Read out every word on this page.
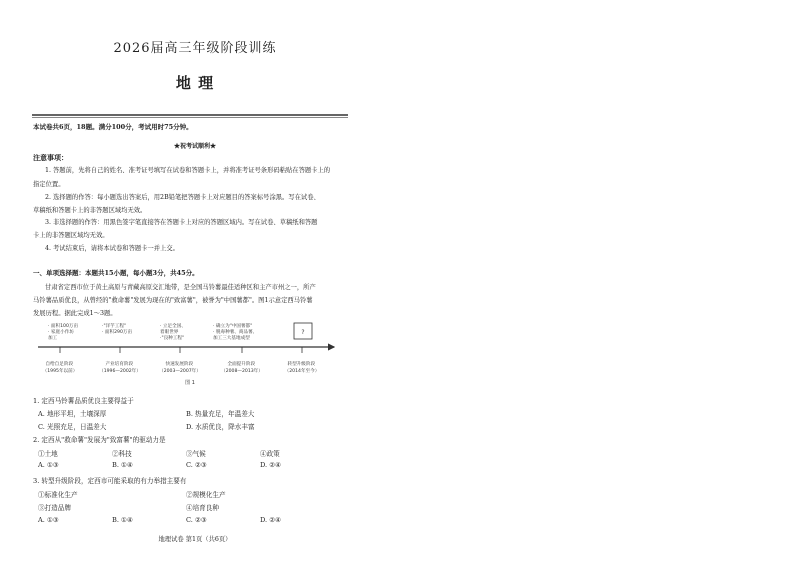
2026届高三年级阶段训练
地 理
本试卷共6页，18题。满分100分，考试用时75分钟。
★祝考试顺利★
注意事项：
1. 答题前，先将自己的姓名、准考证号填写在试卷和答题卡上，并将准考证号条形码粘贴在答题卡上的
指定位置。
2. 选择题的作答：每小题选出答案后，用2B铅笔把答题卡上对应题目的答案标号涂黑。写在试卷、
草稿纸和答题卡上的非答题区域均无效。
3. 非选择题的作答：用黑色签字笔直接答在答题卡上对应的答题区域内。写在试卷、草稿纸和答题
卡上的非答题区域均无效。
4. 考试结束后，请将本试卷和答题卡一并上交。
一、单项选择题：本题共15小题，每小题3分，共45分。
甘肃省定西市位于黄土高原与青藏高原交汇地带，是全国马铃薯最佳适种区和主产市州之一，所产
马铃薯品质优良，从曾经的"救命薯"发展为现在的"致富薯"，被誉为"中国薯都"。图1示意定西马铃薯
发展历程。据此完成1～3题。
· 面积100万亩 · 家庭小作坊 加工
·"洋芋工程" · 面积290万亩
· 立足全国、 着眼世界 ·"良种工程"
· 确立为"中国薯都" · 脱毒种薯、商品薯、 加工三大基地成型
?
自给自足阶段 （1995年以前）
产业培育阶段 （1996—2002年）
快速发展阶段 （2003—2007年）
全面提升阶段 （2008—2013年）
转型升级阶段 （2014年至今）
图 1
1. 定西马铃薯品质优良主要得益于
A. 地形平坦，土壤深厚	B. 热量充足，年温差大
C. 光照充足，日温差大	D. 水质优良，降水丰富
2. 定西从"救命薯"发展为"致富薯"的驱动力是
①土地	②科技	③气候	④政策
A. ①③	B. ①④	C. ②③	D. ②④
3. 转型升级阶段，定西市可能采取的有力举措主要有
①标准化生产	②规模化生产
③打造品牌	④培育良种
A. ①③	B. ①④	C. ②③	D. ②④
地理试卷 第1页（共6页）
